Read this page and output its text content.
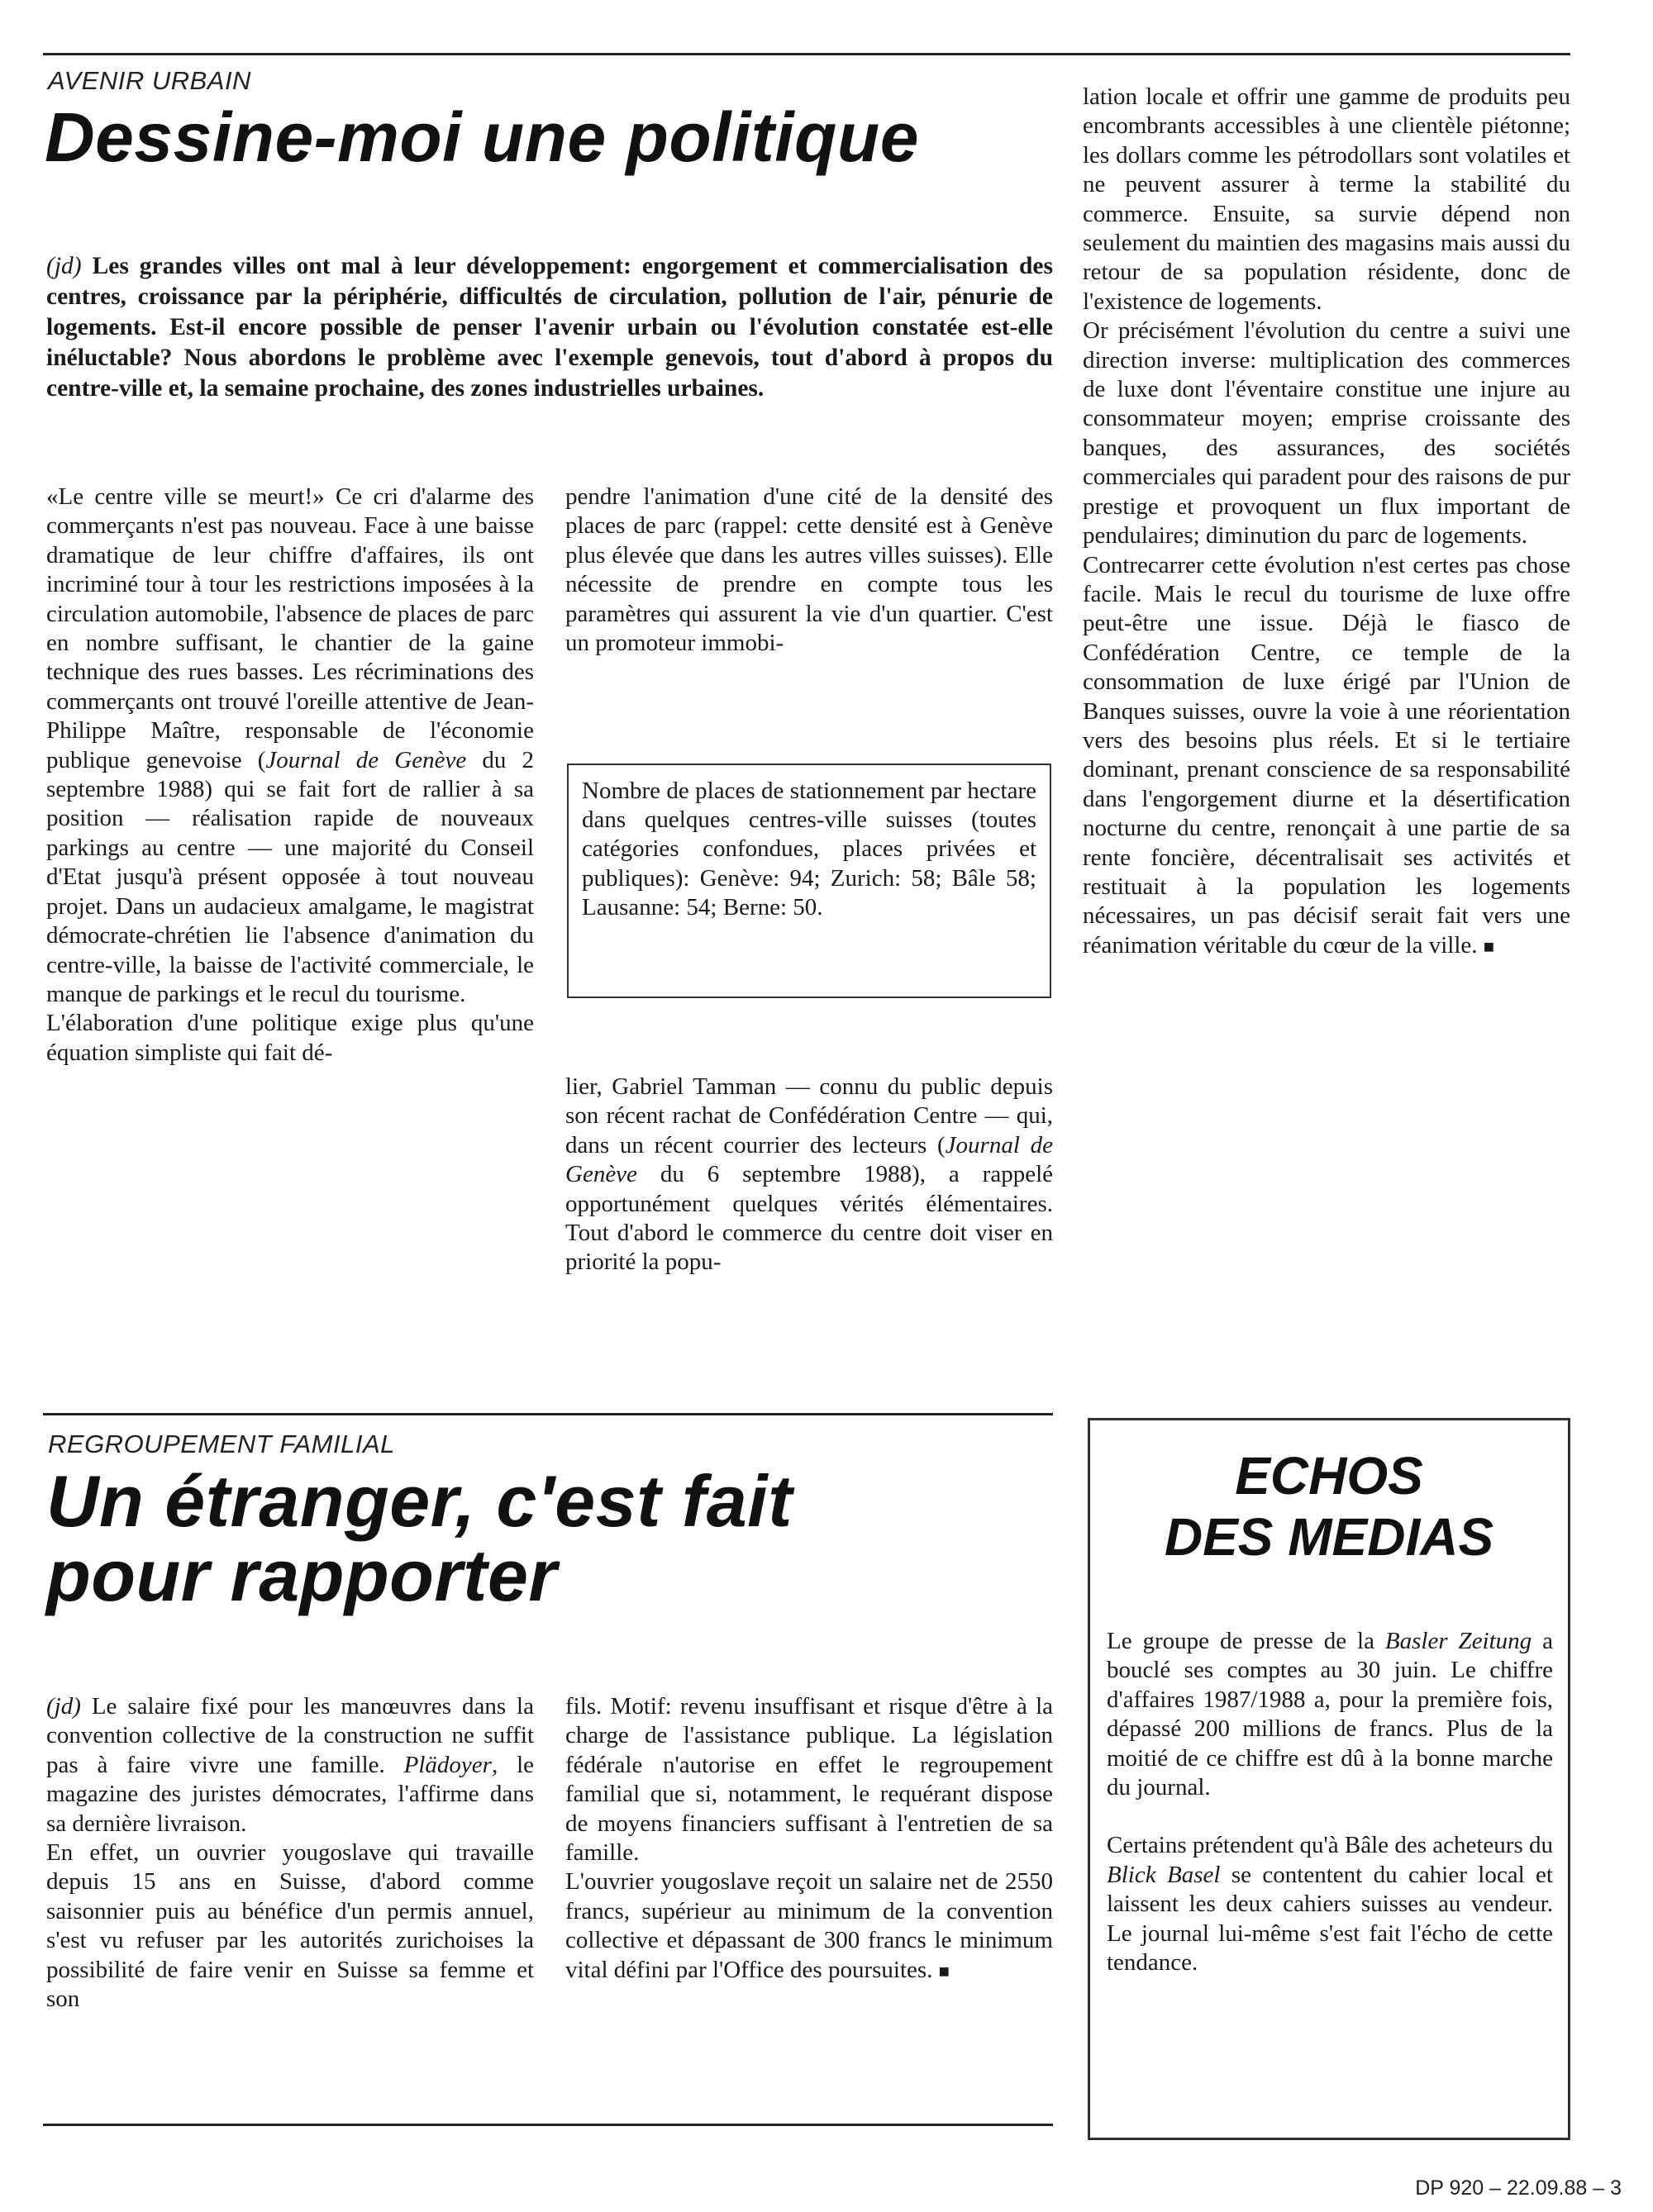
AVENIR URBAIN
Dessine-moi une politique

(jd) Les grandes villes ont mal à leur développement: engorgement et commercialisation des centres, croissance par la périphérie, difficultés de circulation, pollution de l'air, pénurie de logements. Est-il encore possible de penser l'avenir urbain ou l'évolution constatée est-elle inéluctable? Nous abordons le problème avec l'exemple genevois, tout d'abord à propos du centre-ville et, la semaine prochaine, des zones industrielles urbaines.

«Le centre ville se meurt!» Ce cri d'alarme des commerçants n'est pas nouveau. Face à une baisse dramatique de leur chiffre d'affaires, ils ont incriminé tour à tour les restrictions imposées à la circulation automobile, l'absence de places de parc en nombre suffisant, le chantier de la gaine technique des rues basses. Les récriminations des commerçants ont trouvé l'oreille attentive de Jean-Philippe Maître, responsable de l'économie publique genevoise (Journal de Genève du 2 septembre 1988) qui se fait fort de rallier à sa position — réalisation rapide de nouveaux parkings au centre — une majorité du Conseil d'Etat jusqu'à présent opposée à tout nouveau projet. Dans un audacieux amalgame, le magistrat démocrate-chrétien lie l'absence d'animation du centre-ville, la baisse de l'activité commerciale, le manque de parkings et le recul du tourisme.

L'élaboration d'une politique exige plus qu'une équation simpliste qui fait dé-

pendre l'animation d'une cité de la densité des places de parc (rappel: cette densité est à Genève plus élevée que dans les autres villes suisses). Elle nécessite de prendre en compte tous les paramètres qui assurent la vie d'un quartier. C'est un promoteur immobi-

Nombre de places de stationnement par hectare dans quelques centres-ville suisses (toutes catégories confondues, places privées et publiques): Genève: 94; Zurich: 58; Bâle 58; Lausanne: 54; Berne: 50.

lier, Gabriel Tamman — connu du public depuis son récent rachat de Confédération Centre — qui, dans un récent courrier des lecteurs (Journal de Genève du 6 septembre 1988), a rappelé opportunément quelques vérités élémentaires. Tout d'abord le commerce du centre doit viser en priorité la popu-

lation locale et offrir une gamme de produits peu encombrants accessibles à une clientèle piétonne; les dollars comme les pétrodollars sont volatiles et ne peuvent assurer à terme la stabilité du commerce. Ensuite, sa survie dépend non seulement du maintien des magasins mais aussi du retour de sa population résidente, donc de l'existence de logements.

Or précisément l'évolution du centre a suivi une direction inverse: multiplication des commerces de luxe dont l'éventaire constitue une injure au consommateur moyen; emprise croissante des banques, des assurances, des sociétés commerciales qui paradent pour des raisons de pur prestige et provoquent un flux important de pendulaires; diminution du parc de logements.

Contrecarrer cette évolution n'est certes pas chose facile. Mais le recul du tourisme de luxe offre peut-être une issue. Déjà le fiasco de Confédération Centre, ce temple de la consommation de luxe érigé par l'Union de Banques suisses, ouvre la voie à une réorientation vers des besoins plus réels. Et si le tertiaire dominant, prenant conscience de sa responsabilité dans l'engorgement diurne et la désertification nocturne du centre, renonçait à une partie de sa rente foncière, décentralisait ses activités et restituait à la population les logements nécessaires, un pas décisif serait fait vers une réanimation véritable du cœur de la ville. ■

REGROUPEMENT FAMILIAL
Un étranger, c'est fait
pour rapporter

(jd) Le salaire fixé pour les manœuvres dans la convention collective de la construction ne suffit pas à faire vivre une famille. Plädoyer, le magazine des juristes démocrates, l'affirme dans sa dernière livraison.

En effet, un ouvrier yougoslave qui travaille depuis 15 ans en Suisse, d'abord comme saisonnier puis au bénéfice d'un permis annuel, s'est vu refuser par les autorités zurichoises la possibilité de faire venir en Suisse sa femme et son

fils. Motif: revenu insuffisant et risque d'être à la charge de l'assistance publique. La législation fédérale n'autorise en effet le regroupement familial que si, notamment, le requérant dispose de moyens financiers suffisant à l'entretien de sa famille.

L'ouvrier yougoslave reçoit un salaire net de 2550 francs, supérieur au minimum de la convention collective et dépassant de 300 francs le minimum vital défini par l'Office des poursuites. ■

ECHOS
DES MEDIAS

Le groupe de presse de la Basler Zeitung a bouclé ses comptes au 30 juin. Le chiffre d'affaires 1987/1988 a, pour la première fois, dépassé 200 millions de francs. Plus de la moitié de ce chiffre est dû à la bonne marche du journal.

Certains prétendent qu'à Bâle des acheteurs du Blick Basel se contentent du cahier local et laissent les deux cahiers suisses au vendeur. Le journal lui-même s'est fait l'écho de cette tendance.

DP 920 – 22.09.88 – 3
